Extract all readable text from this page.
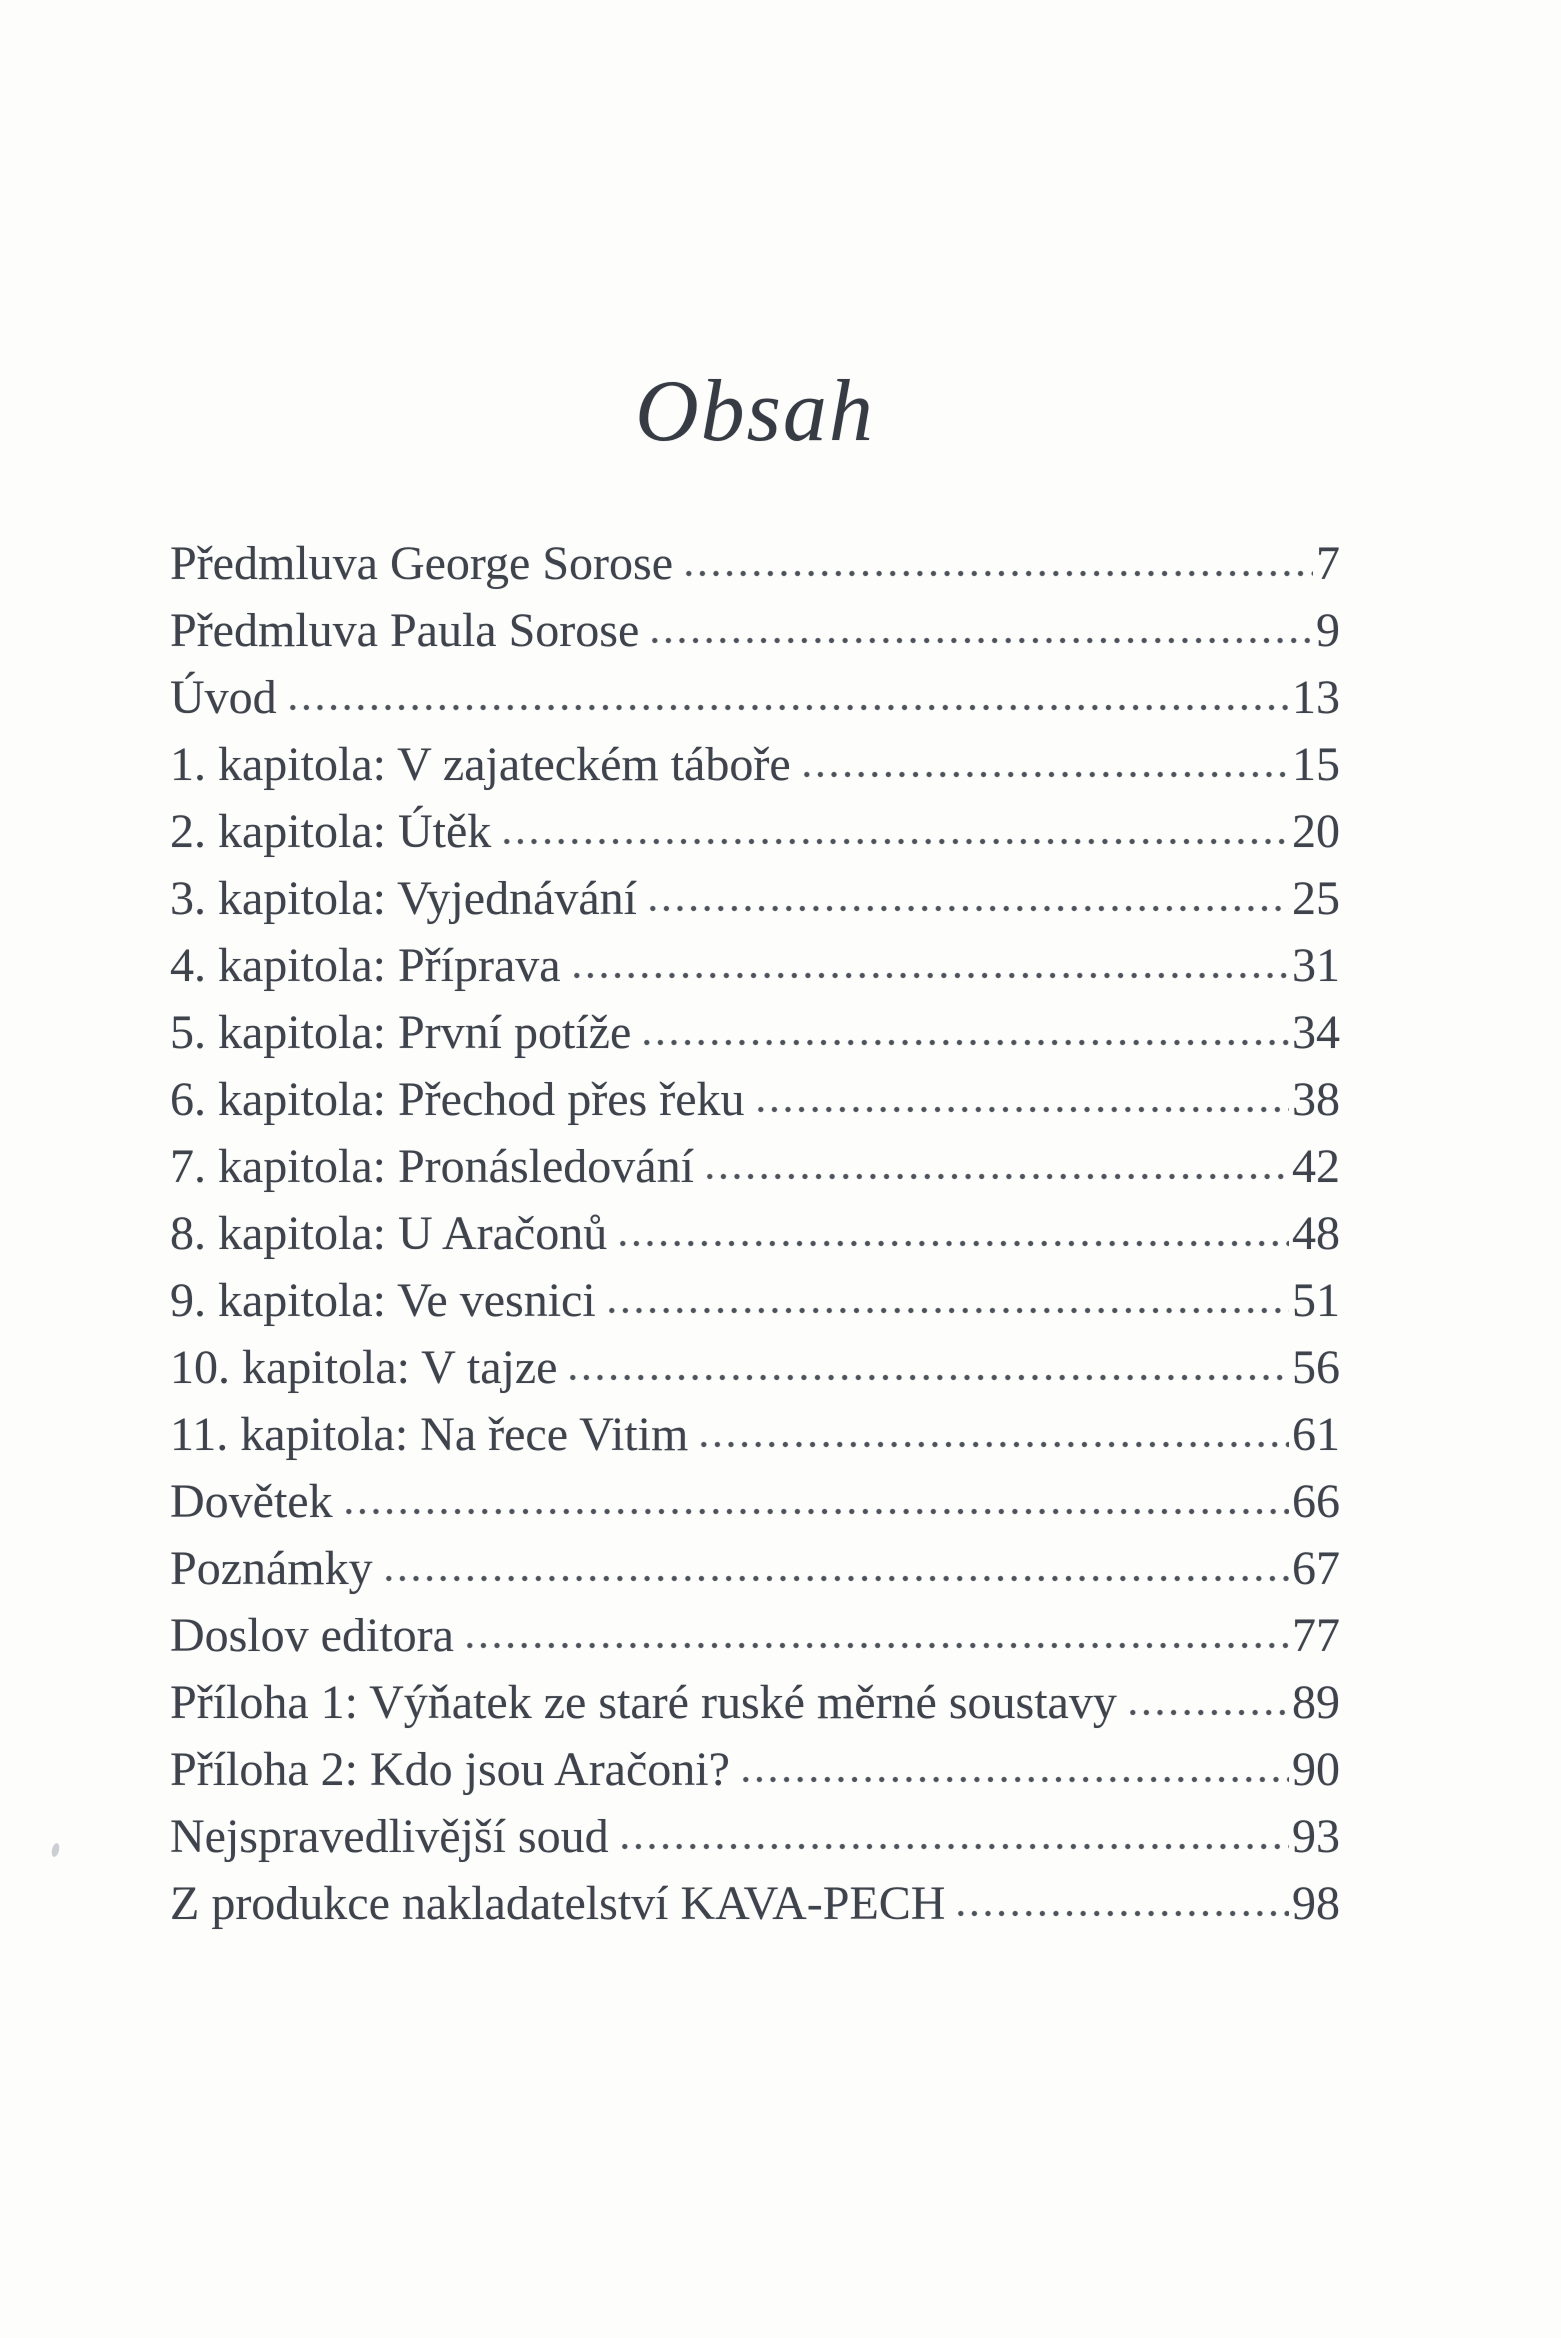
Obsah
Předmluva George Sorose	7
Předmluva Paula Sorose	9
Úvod	13
1. kapitola: V zajateckém táboře	15
2. kapitola: Útěk	20
3. kapitola: Vyjednávání	25
4. kapitola: Příprava	31
5. kapitola: První potíže	34
6. kapitola: Přechod přes řeku	38
7. kapitola: Pronásledování	42
8. kapitola: U Aračonů	48
9. kapitola: Ve vesnici	51
10. kapitola: V tajze	56
11. kapitola: Na řece Vitim	61
Dovětek	66
Poznámky	67
Doslov editora	77
Příloha 1: Výňatek ze staré ruské měrné soustavy	89
Příloha 2: Kdo jsou Aračoni?	90
Nejspravedlivější soud	93
Z produkce nakladatelství KAVA-PECH	98
